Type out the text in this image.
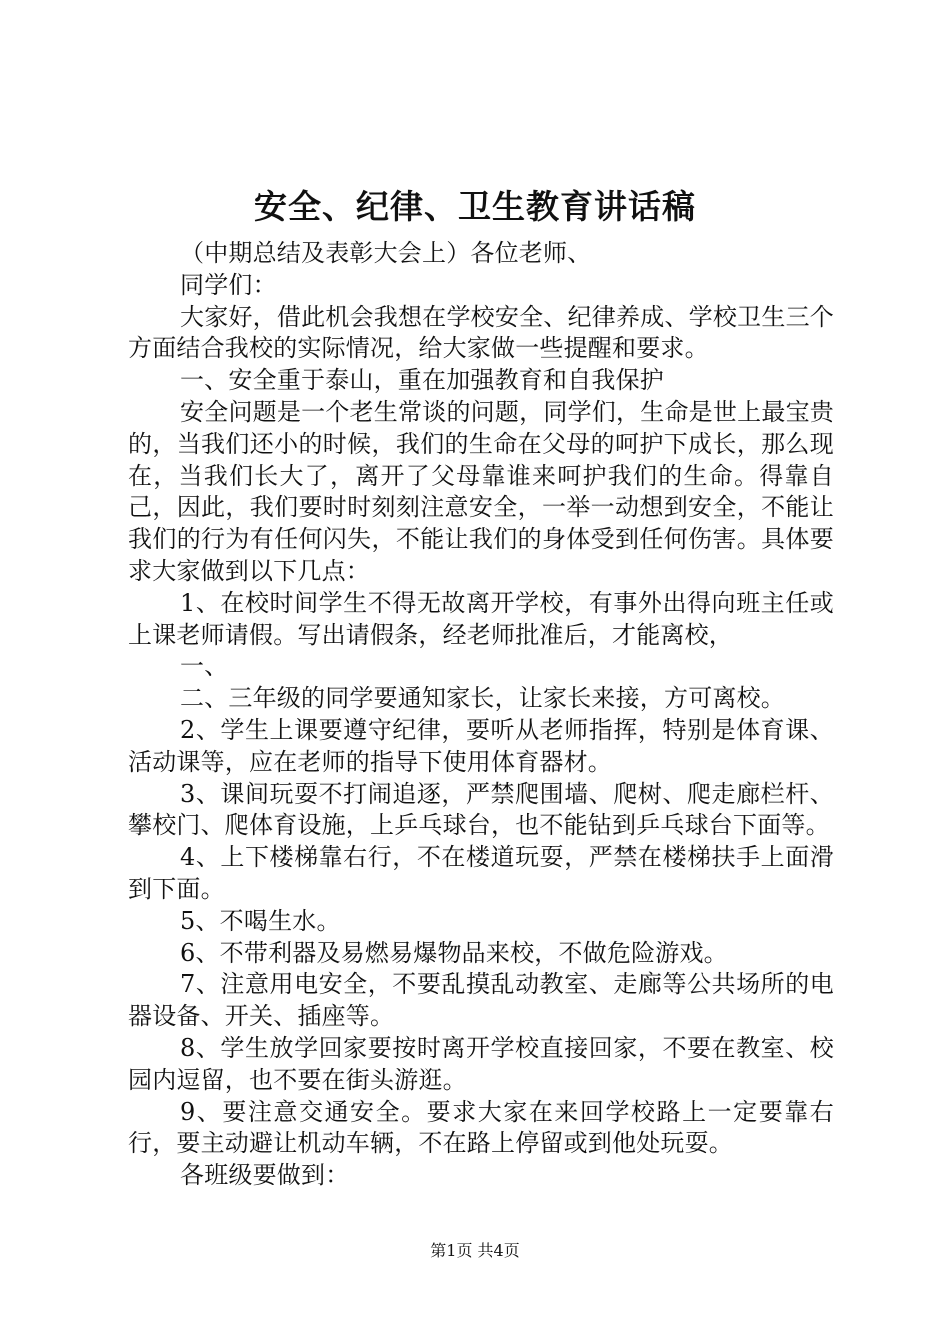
安全、纪律、卫生教育讲话稿

（中期总结及表彰大会上）各位老师、

同学们：

大家好，借此机会我想在学校安全、纪律养成、学校卫生三个方面结合我校的实际情况，给大家做一些提醒和要求。

一、安全重于泰山，重在加强教育和自我保护

安全问题是一个老生常谈的问题，同学们，生命是世上最宝贵的，当我们还小的时候，我们的生命在父母的呵护下成长，那么现在，当我们长大了，离开了父母靠谁来呵护我们的生命。得靠自己，因此，我们要时时刻刻注意安全，一举一动想到安全，不能让我们的行为有任何闪失，不能让我们的身体受到任何伤害。具体要求大家做到以下几点：

1、在校时间学生不得无故离开学校，有事外出得向班主任或上课老师请假。写出请假条，经老师批准后，才能离校，

一、

二、三年级的同学要通知家长，让家长来接，方可离校。

2、学生上课要遵守纪律，要听从老师指挥，特别是体育课、活动课等，应在老师的指导下使用体育器材。

3、课间玩耍不打闹追逐，严禁爬围墙、爬树、爬走廊栏杆、攀校门、爬体育设施，上乒乓球台，也不能钻到乒乓球台下面等。

4、上下楼梯靠右行，不在楼道玩耍，严禁在楼梯扶手上面滑到下面。

5、不喝生水。

6、不带利器及易燃易爆物品来校，不做危险游戏。

7、注意用电安全，不要乱摸乱动教室、走廊等公共场所的电器设备、开关、插座等。

8、学生放学回家要按时离开学校直接回家，不要在教室、校园内逗留，也不要在街头游逛。

9、要注意交通安全。要求大家在来回学校路上一定要靠右行，要主动避让机动车辆，不在路上停留或到他处玩耍。

各班级要做到：

第1页 共4页
